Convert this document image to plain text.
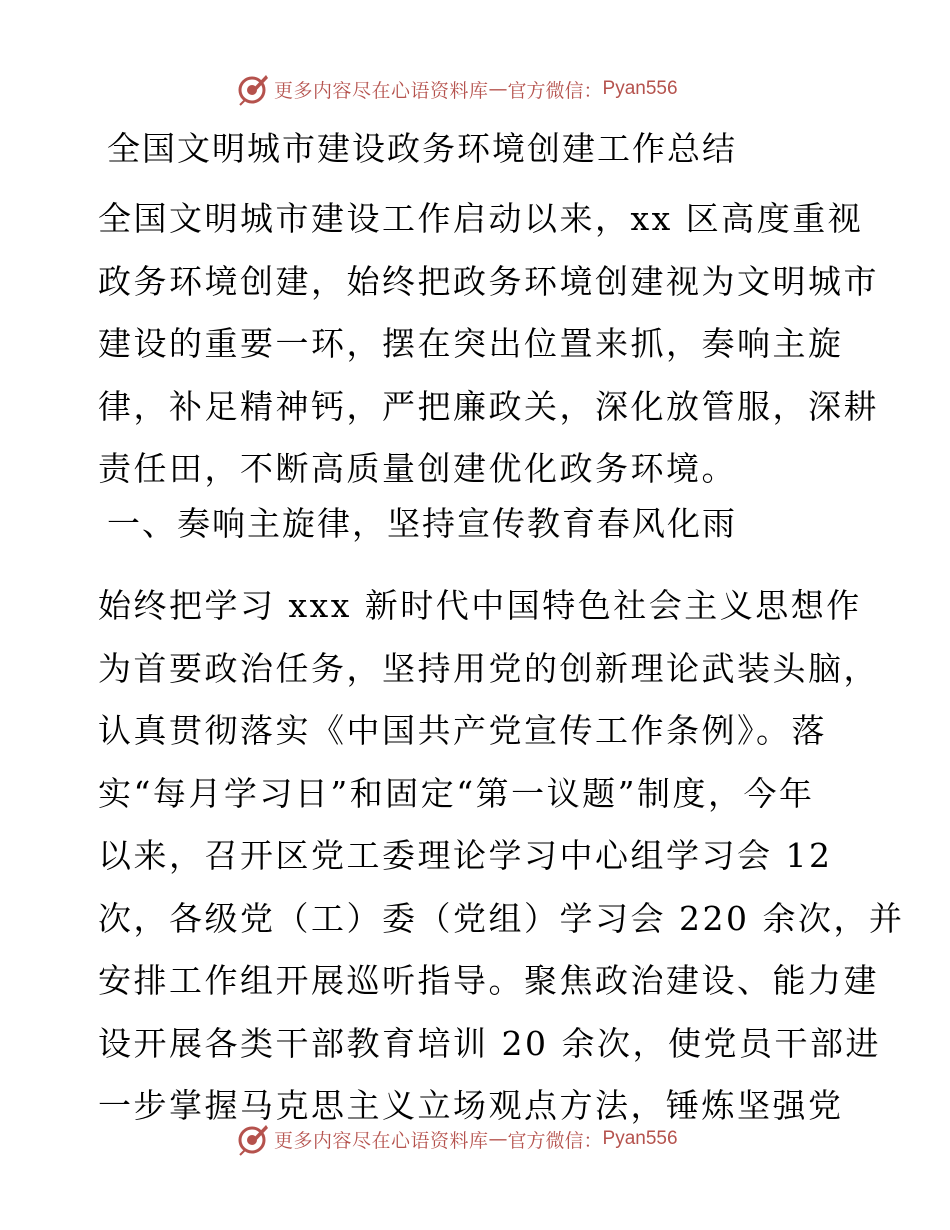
更多内容尽在心语资料库 — 官方微信： Pyan556
全国文明城市建设政务环境创建工作总结

全国文明城市建设工作启动以来，xx 区高度重视
政务环境创建，始终把政务环境创建视为文明城市
建设的重要一环，摆在突出位置来抓，奏响主旋
律，补足精神钙，严把廉政关，深化放管服，深耕
责任田，不断高质量创建优化政务环境。

一、奏响主旋律，坚持宣传教育春风化雨

始终把学习 xxx 新时代中国特色社会主义思想作
为首要政治任务，坚持用党的创新理论武装头脑，
认真贯彻落实《中国共产党宣传工作条例》。落
实“每月学习日”和固定“第一议题”制度，今年
以来，召开区党工委理论学习中心组学习会 12
次，各级党（工）委（党组）学习会 220 余次，并
安排工作组开展巡听指导。聚焦政治建设、能力建
设开展各类干部教育培训 20 余次，使党员干部进
一步掌握马克思主义立场观点方法，锤炼坚强党

更多内容尽在心语资料库 — 官方微信： Pyan556
